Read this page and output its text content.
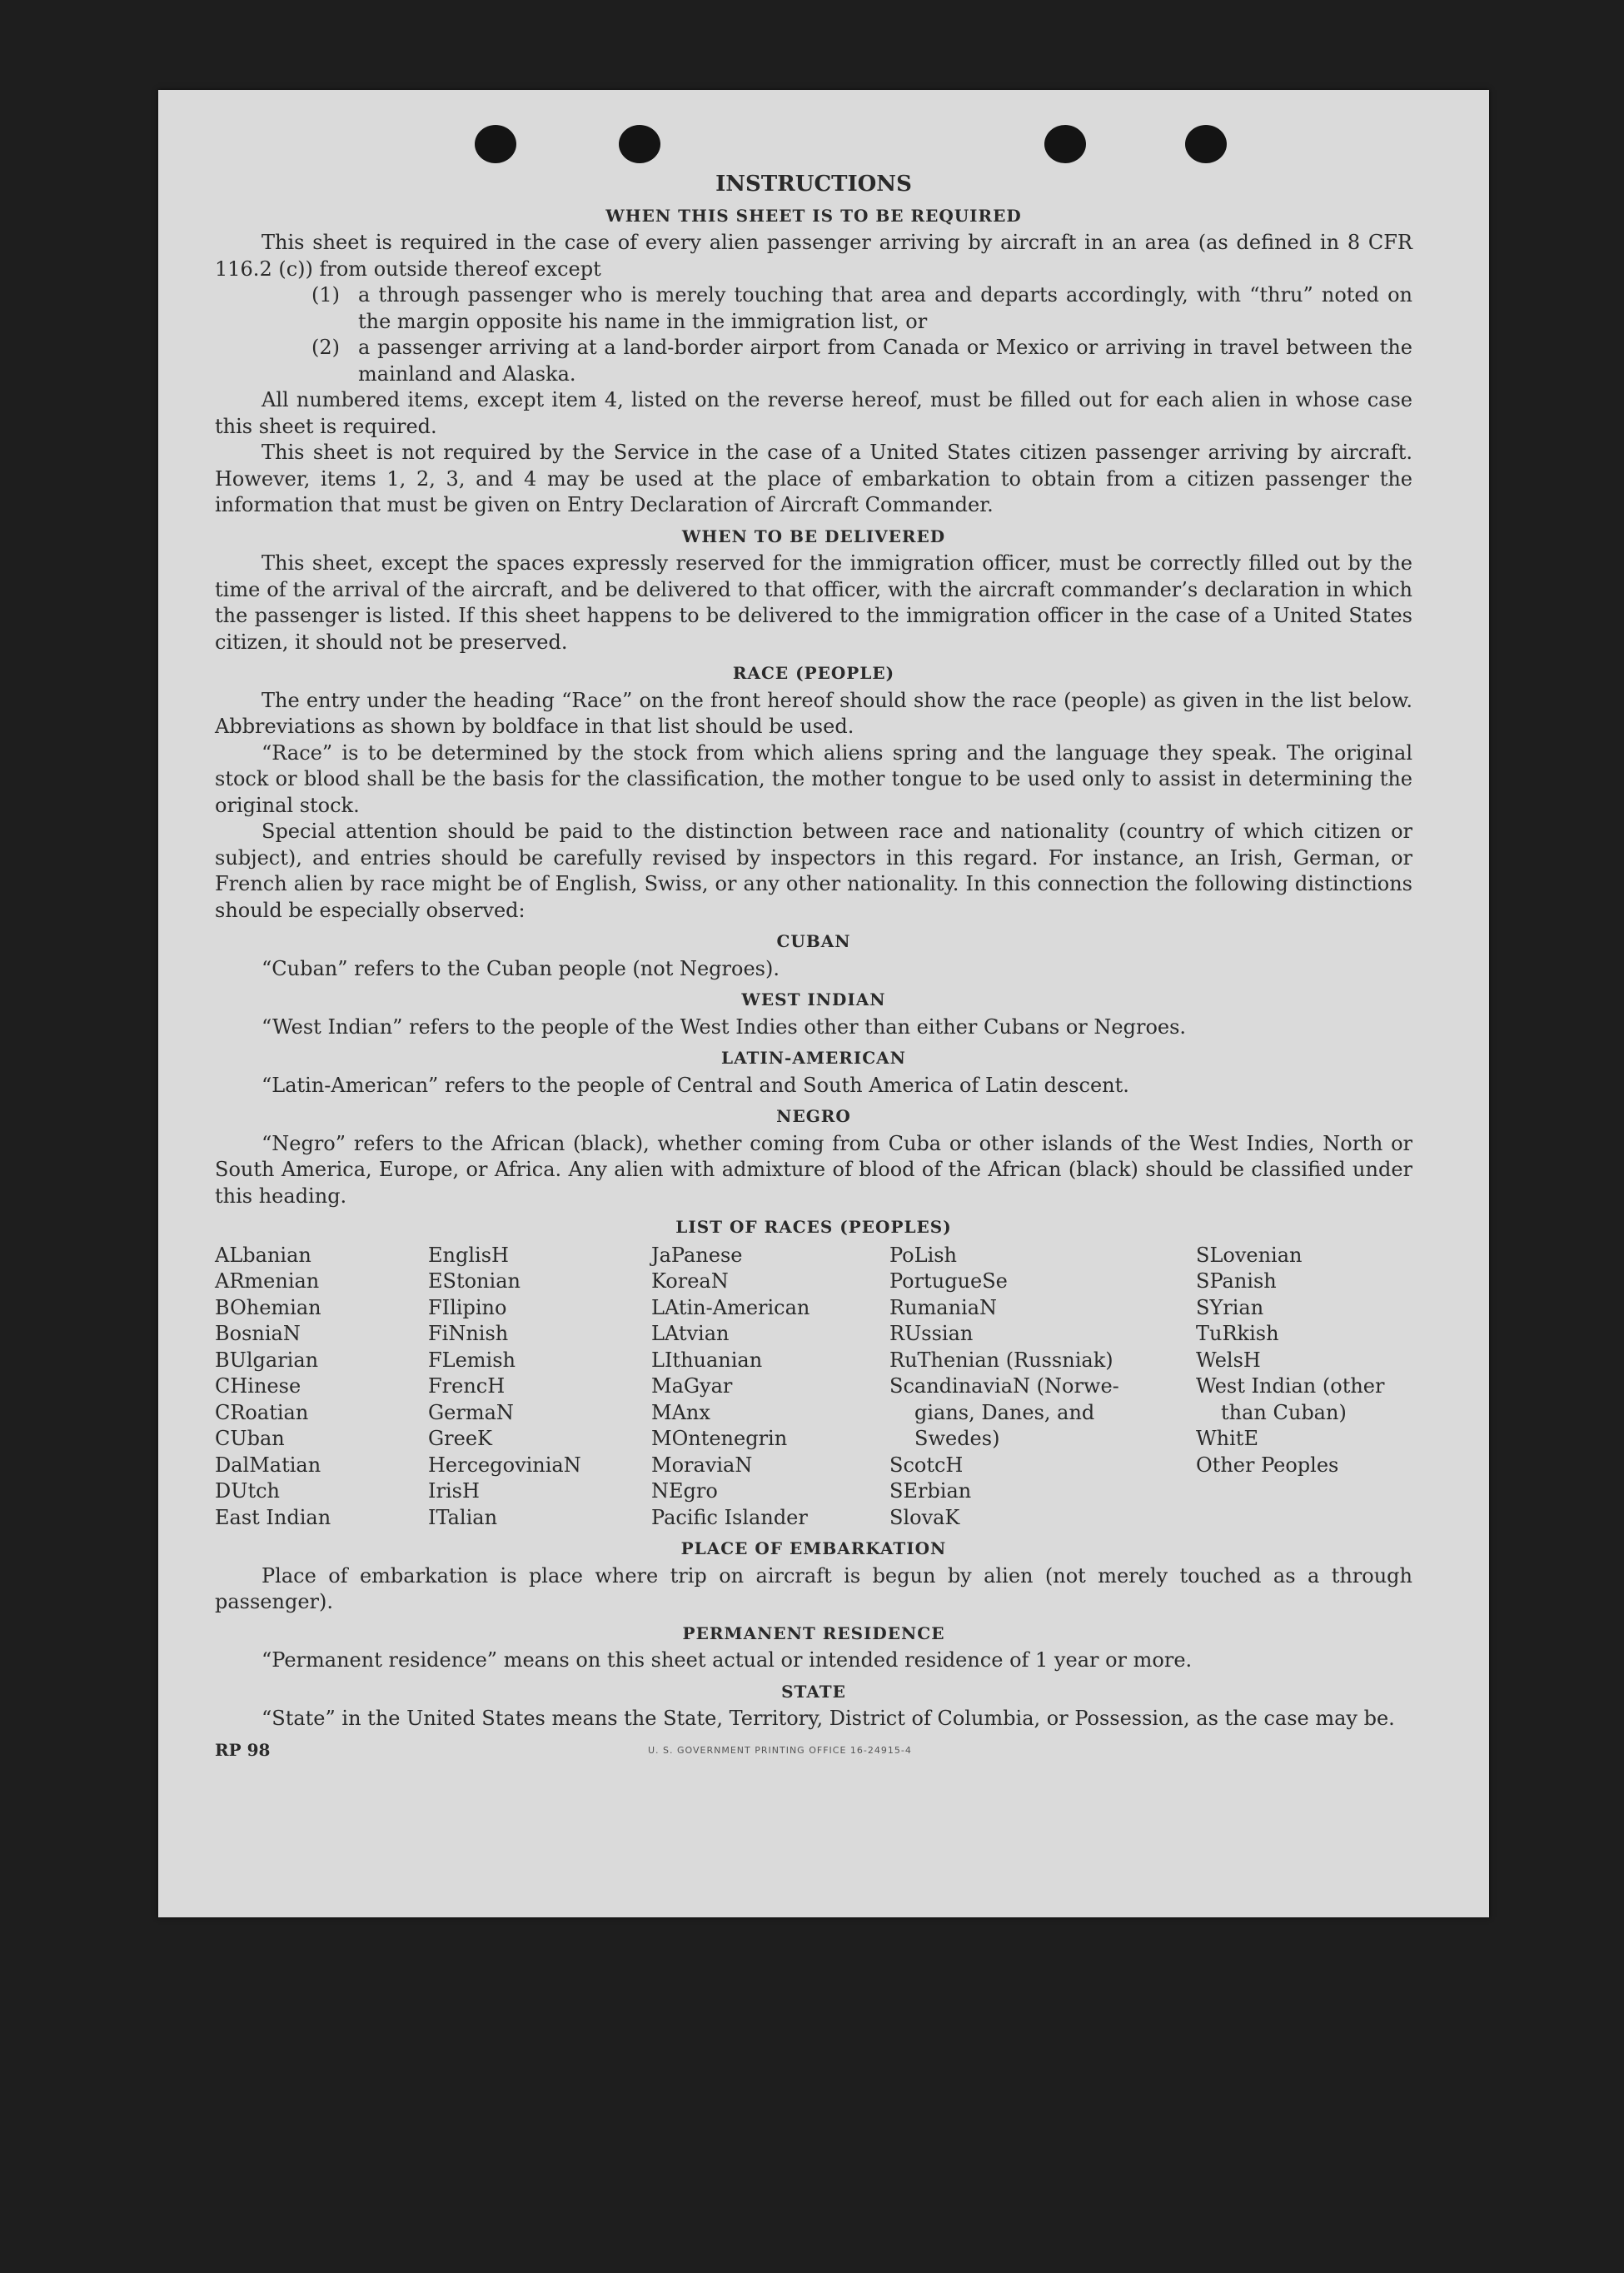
INSTRUCTIONS
WHEN THIS SHEET IS TO BE REQUIRED

This sheet is required in the case of every alien passenger arriving by aircraft in an area (as defined in 8 CFR 116.2 (c)) from outside thereof except

(1) a through passenger who is merely touching that area and departs accordingly, with “thru” noted on the margin opposite his name in the immigration list, or
(2) a passenger arriving at a land-border airport from Canada or Mexico or arriving in travel between the mainland and Alaska.

All numbered items, except item 4, listed on the reverse hereof, must be filled out for each alien in whose case this sheet is required.

This sheet is not required by the Service in the case of a United States citizen passenger arriving by aircraft. However, items 1, 2, 3, and 4 may be used at the place of embarkation to obtain from a citizen passenger the information that must be given on Entry Declaration of Aircraft Commander.

WHEN TO BE DELIVERED

This sheet, except the spaces expressly reserved for the immigration officer, must be correctly filled out by the time of the arrival of the aircraft, and be delivered to that officer, with the aircraft commander’s declaration in which the passenger is listed. If this sheet happens to be delivered to the immigration officer in the case of a United States citizen, it should not be preserved.

RACE (PEOPLE)

The entry under the heading “Race” on the front hereof should show the race (people) as given in the list below. Abbreviations as shown by boldface in that list should be used.

“Race” is to be determined by the stock from which aliens spring and the language they speak. The original stock or blood shall be the basis for the classification, the mother tongue to be used only to assist in determining the original stock.

Special attention should be paid to the distinction between race and nationality (country of which citizen or subject), and entries should be carefully revised by inspectors in this regard. For instance, an Irish, German, or French alien by race might be of English, Swiss, or any other nationality. In this connection the following distinctions should be especially observed:

CUBAN

“Cuban” refers to the Cuban people (not Negroes).

WEST INDIAN

“West Indian” refers to the people of the West Indies other than either Cubans or Negroes.

LATIN-AMERICAN

“Latin-American” refers to the people of Central and South America of Latin descent.

NEGRO

“Negro” refers to the African (black), whether coming from Cuba or other islands of the West Indies, North or South America, Europe, or Africa. Any alien with admixture of blood of the African (black) should be classified under this heading.

LIST OF RACES (PEOPLES)
ALbanian
ARmenian
BOhemian
BosniaN
BUlgarian
CHinese
CRoatian
CUban
DalMatian
DUtch
East Indian
EnglisH
EStonian
FIlipino
FiNnish
FLemish
FrencH
GermaN
GreeK
HercegoviniaN
IrisH
ITalian
JaPanese
KoreaN
LAtin-American
LAtvian
LIthuanian
MaGyar
MAnx
MOntenegrin
MoraviaN
NEgro
Pacific Islander
PoLish
PortugueSe
RumaniaN
RUssian
RuThenian (Russniak)
ScandinaviaN (Norwe-
gians, Danes, and
Swedes)
ScotcH
SErbian
SlovaK
SLovenian
SPanish
SYrian
TuRkish
WelsH
West Indian (other
than Cuban)
WhitE
Other Peoples
PLACE OF EMBARKATION

Place of embarkation is place where trip on aircraft is begun by alien (not merely touched as a through passenger).

PERMANENT RESIDENCE

“Permanent residence” means on this sheet actual or intended residence of 1 year or more.

STATE

“State” in the United States means the State, Territory, District of Columbia, or Possession, as the case may be.

RP 98	U. S. GOVERNMENT PRINTING OFFICE 16-24915-4
